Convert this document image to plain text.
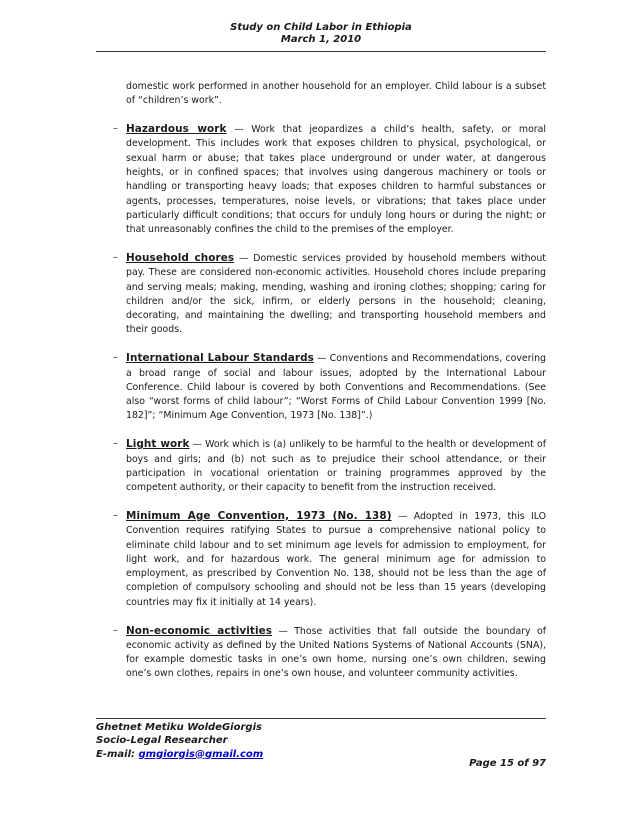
Study on Child Labor in Ethiopia
March 1, 2010
domestic work performed in another household for an employer. Child labour is a subset of “children’s work”.
– Hazardous work — Work that jeopardizes a child’s health, safety, or moral development. This includes work that exposes children to physical, psychological, or sexual harm or abuse; that takes place underground or under water, at dangerous heights, or in confined spaces; that involves using dangerous machinery or tools or handling or transporting heavy loads; that exposes children to harmful substances or agents, processes, temperatures, noise levels, or vibrations; that takes place under particularly difficult conditions; that occurs for unduly long hours or during the night; or that unreasonably confines the child to the premises of the employer.
– Household chores — Domestic services provided by household members without pay. These are considered non-economic activities. Household chores include preparing and serving meals; making, mending, washing and ironing clothes; shopping; caring for children and/or the sick, infirm, or elderly persons in the household; cleaning, decorating, and maintaining the dwelling; and transporting household members and their goods.
– International Labour Standards — Conventions and Recommendations, covering a broad range of social and labour issues, adopted by the International Labour Conference. Child labour is covered by both Conventions and Recommendations. (See also “worst forms of child labour”; “Worst Forms of Child Labour Convention 1999 [No. 182]”; “Minimum Age Convention, 1973 [No. 138]”.)
– Light work — Work which is (a) unlikely to be harmful to the health or development of boys and girls; and (b) not such as to prejudice their school attendance, or their participation in vocational orientation or training programmes approved by the competent authority, or their capacity to benefit from the instruction received.
– Minimum Age Convention, 1973 (No. 138) — Adopted in 1973, this ILO Convention requires ratifying States to pursue a comprehensive national policy to eliminate child labour and to set minimum age levels for admission to employment, for light work, and for hazardous work. The general minimum age for admission to employment, as prescribed by Convention No. 138, should not be less than the age of completion of compulsory schooling and should not be less than 15 years (developing countries may fix it initially at 14 years).
– Non-economic activities — Those activities that fall outside the boundary of economic activity as defined by the United Nations Systems of National Accounts (SNA), for example domestic tasks in one’s own home, nursing one’s own children, sewing one’s own clothes, repairs in one’s own house, and volunteer community activities.
Ghetnet Metiku WoldeGiorgis
Socio-Legal Researcher
E-mail: gmgiorgis@gmail.com
Page 15 of 97
